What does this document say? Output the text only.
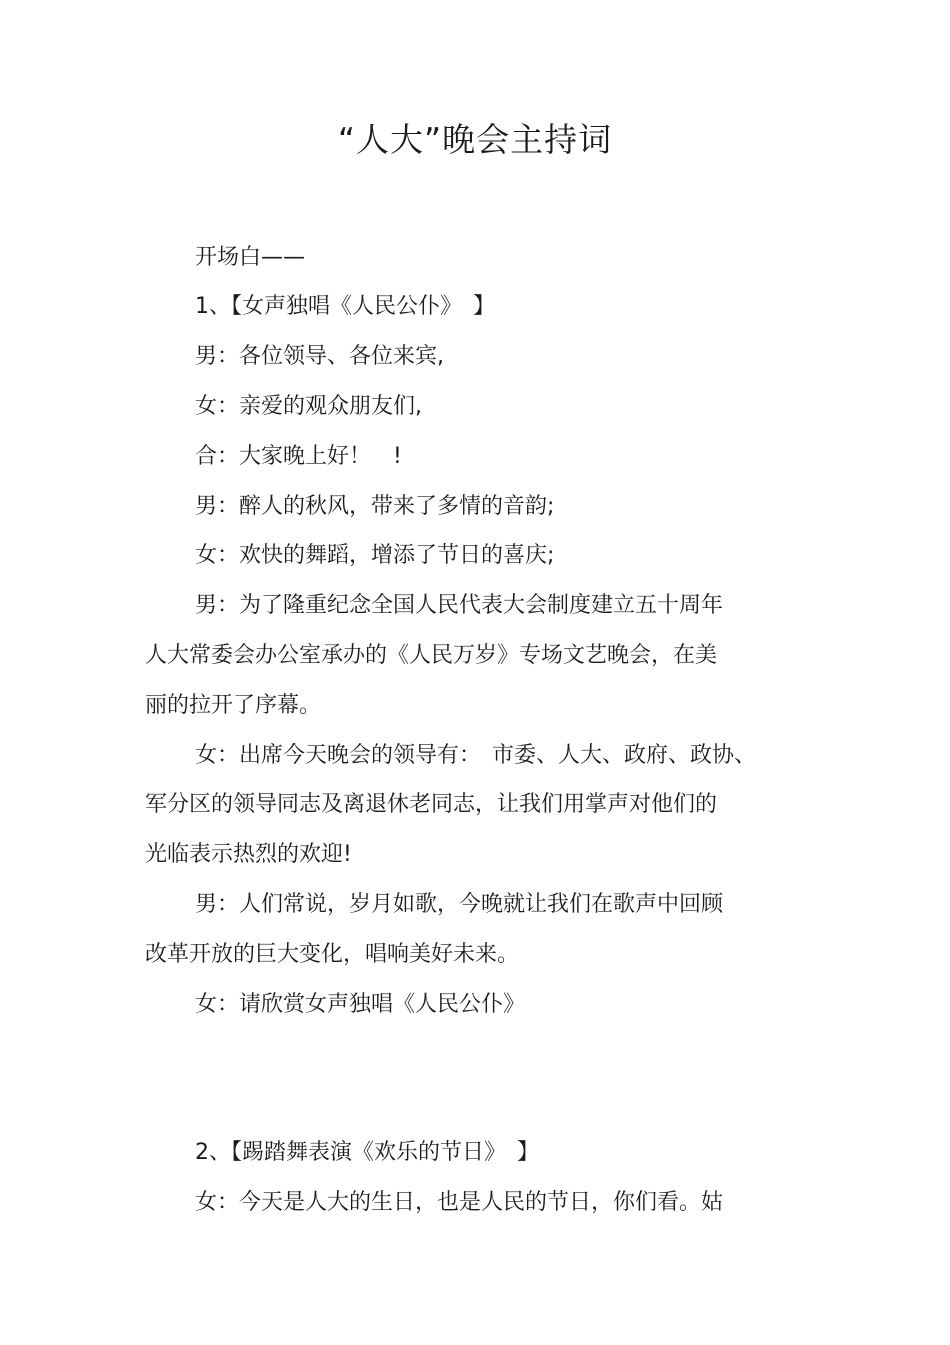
“人大”晚会主持词
开场白——
1、【女声独唱《人民公仆》　】
男：各位领导、各位来宾,
女：亲爱的观众朋友们,
合：大家晚上好！　!
男：醉人的秋风，带来了多情的音韵;
女：欢快的舞蹈，增添了节日的喜庆;
男：为了隆重纪念全国人民代表大会制度建立五十周年
人大常委会办公室承办的《人民万岁》专场文艺晚会，在美
丽的拉开了序幕。
女：出席今天晚会的领导有：　市委、人大、政府、政协、
军分区的领导同志及离退休老同志，让我们用掌声对他们的
光临表示热烈的欢迎!
男：人们常说，岁月如歌，今晚就让我们在歌声中回顾
改革开放的巨大变化，唱响美好未来。
女：请欣赏女声独唱《人民公仆》
2、【踢踏舞表演《欢乐的节日》　】
女：今天是人大的生日，也是人民的节日，你们看。姑
